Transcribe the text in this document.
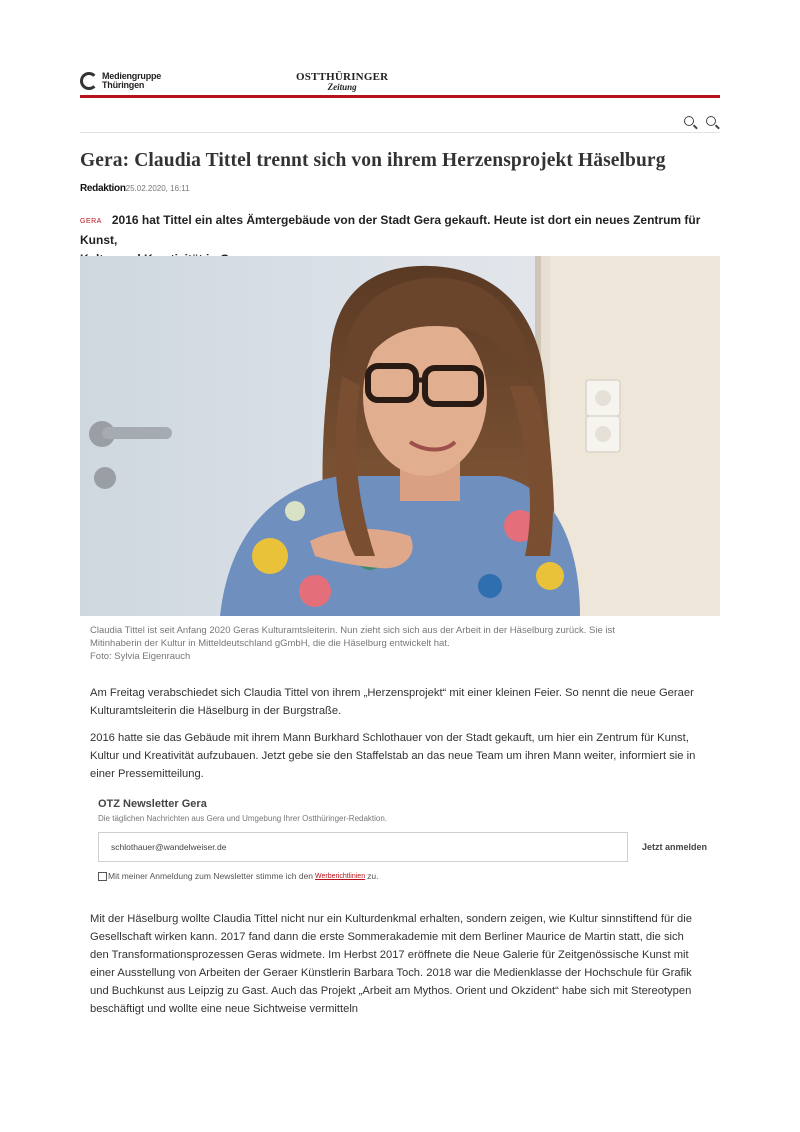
Mediengruppe
Thüringen
OSTTHÜRINGER
Zeitung
Gera: Claudia Tittel trennt sich von ihrem Herzensprojekt Häselburg
Redaktion25.02.2020, 16:11
GERA 2016 hat Tittel ein altes Ämtergebäude von der Stadt Gera gekauft. Heute ist dort ein neues Zentrum für Kunst,

Claudia Tittel ist seit Anfang 2020 Geras Kulturamtsleiterin. Nun zieht sich sich aus der Arbeit in der Häselburg zurück. Sie ist
Mitinhaberin der Kultur in Mitteldeutschland gGmbH, die die Häselburg entwickelt hat.
Foto: Sylvia Eigenrauch
Am Freitag verabschiedet sich Claudia Tittel von ihrem „Herzensprojekt“ mit einer kleinen Feier. So nennt die neue Geraer
Kulturamtsleiterin die Häselburg in der Burgstraße.
2016 hatte sie das Gebäude mit ihrem Mann Burkhard Schlothauer von der Stadt gekauft, um hier ein Zentrum für Kunst,
Kultur und Kreativität aufzubauen. Jetzt gebe sie den Staffelstab an das neue Team um ihren Mann weiter, informiert sie in
einer Pressemitteilung.
OTZ Newsletter Gera
Die täglichen Nachrichten aus Gera und Umgebung Ihrer Ostthüringer-Redaktion.
schlothauer@wandelweiser.de
Jetzt anmelden
Mit meiner Anmeldung zum Newsletter stimme ich den Werberichtlinien zu.
Mit der Häselburg wollte Claudia Tittel nicht nur ein Kulturdenkmal erhalten, sondern zeigen, wie Kultur sinnstiftend für die
Gesellschaft wirken kann. 2017 fand dann die erste Sommerakademie mit dem Berliner Maurice de Martin statt, die sich
den Transformationsprozessen Geras widmete. Im Herbst 2017 eröffnete die Neue Galerie für Zeitgenössische Kunst mit
einer Ausstellung von Arbeiten der Geraer Künstlerin Barbara Toch. 2018 war die Medienklasse der Hochschule für Grafik
und Buchkunst aus Leipzig zu Gast. Auch das Projekt „Arbeit am Mythos. Orient und Okzident“ habe sich mit Stereotypen
beschäftigt und wollte eine neue Sichtweise vermitteln
